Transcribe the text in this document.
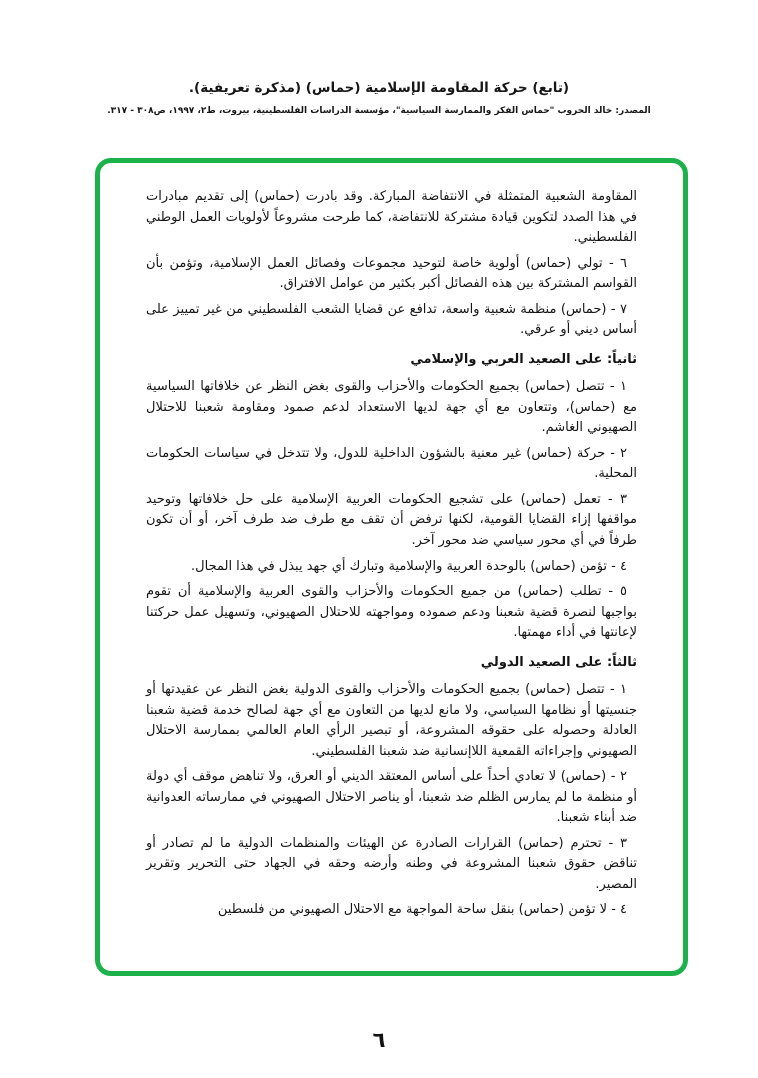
(تابع) حركة المقاومة الإسلامية (حماس) (مذكرة تعريفية).

المصدر: خالد الحروب "حماس الفكر والممارسة السياسية"، مؤسسة الدراسات الفلسطينية، بيروت، ط٢، ١٩٩٧، ص٣٠٨ - ٣١٧.

المقاومة الشعبية المتمثلة في الانتفاضة المباركة. وقد بادرت (حماس) إلى تقديم مبادرات في هذا الصدد لتكوين قيادة مشتركة للانتفاضة، كما طرحت مشروعاً لأولويات العمل الوطني الفلسطيني.

٦ - تولي (حماس) أولوية خاصة لتوحيد مجموعات وفصائل العمل الإسلامية، وتؤمن بأن القواسم المشتركة بين هذه الفصائل أكبر بكثير من عوامل الافتراق.

٧ - (حماس) منظمة شعبية واسعة، تدافع عن قضايا الشعب الفلسطيني من غير تمييز على أساس ديني أو عرقي.

ثانياً: على الصعيد العربي والإسلامي

١ - تتصل (حماس) بجميع الحكومات والأحزاب والقوى بغض النظر عن خلافاتها السياسية مع (حماس)، وتتعاون مع أي جهة لديها الاستعداد لدعم صمود ومقاومة شعبنا للاحتلال الصهيوني الغاشم.

٢ - حركة (حماس) غير معنية بالشؤون الداخلية للدول، ولا تتدخل في سياسات الحكومات المحلية.

٣ - تعمل (حماس) على تشجيع الحكومات العربية الإسلامية على حل خلافاتها وتوحيد مواقفها إزاء القضايا القومية، لكنها ترفض أن تقف مع طرف ضد طرف آخر، أو أن تكون طرفاً في أي محور سياسي ضد محور آخر.

٤ - تؤمن (حماس) بالوحدة العربية والإسلامية وتبارك أي جهد يبذل في هذا المجال.

٥ - تطلب (حماس) من جميع الحكومات والأحزاب والقوى العربية والإسلامية أن تقوم بواجبها لنصرة قضية شعبنا ودعم صموده ومواجهته للاحتلال الصهيوني، وتسهيل عمل حركتنا لإعانتها في أداء مهمتها.

ثالثاً: على الصعيد الدولي

١ - تتصل (حماس) بجميع الحكومات والأحزاب والقوى الدولية بغض النظر عن عقيدتها أو جنسيتها أو نظامها السياسي، ولا مانع لديها من التعاون مع أي جهة لصالح خدمة قضية شعبنا العادلة وحصوله على حقوقه المشروعة، أو تبصير الرأي العام العالمي بممارسة الاحتلال الصهيوني وإجراءاته القمعية اللاإنسانية ضد شعبنا الفلسطيني.

٢ - (حماس) لا تعادي أحداً على أساس المعتقد الديني أو العرق، ولا تناهض موقف أي دولة أو منظمة ما لم يمارس الظلم ضد شعبنا، أو يناصر الاحتلال الصهيوني في ممارساته العدوانية ضد أبناء شعبنا.

٣ - تحترم (حماس) القرارات الصادرة عن الهيئات والمنظمات الدولية ما لم تصادر أو تناقض حقوق شعبنا المشروعة في وطنه وأرضه وحقه في الجهاد حتى التحرير وتقرير المصير.

٤ - لا تؤمن (حماس) بنقل ساحة المواجهة مع الاحتلال الصهيوني من فلسطين

٦
